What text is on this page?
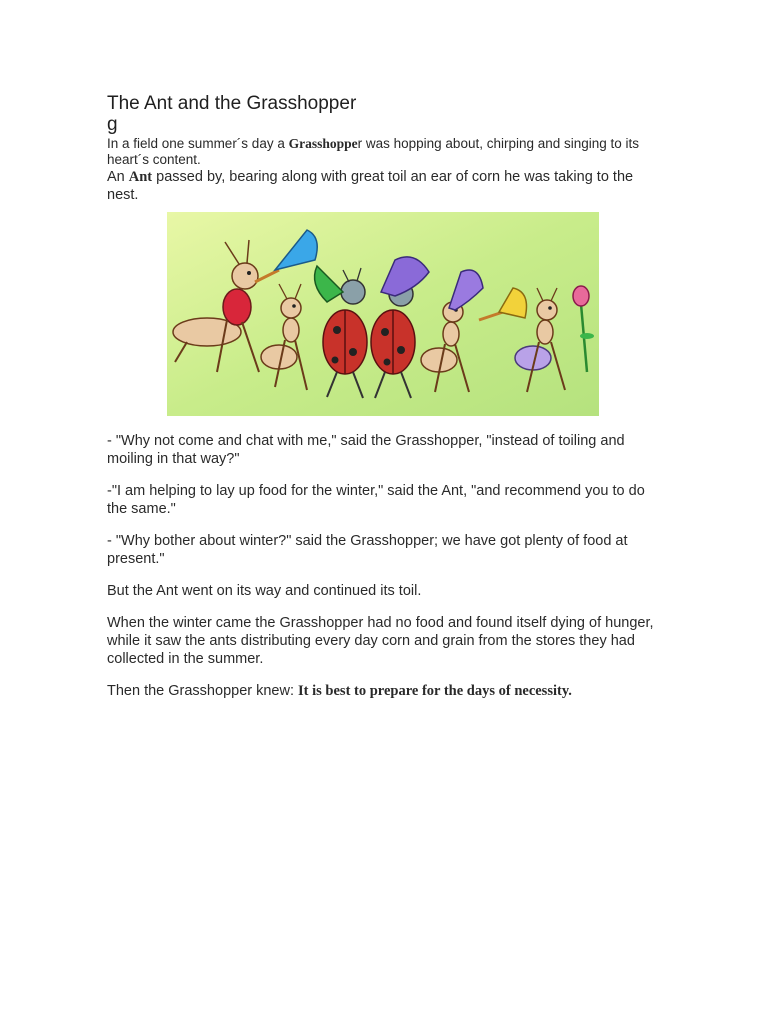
The Ant and the Grasshopper
g

In a field one summer´s day a Grasshopper was hopping about, chirping and singing to its heart´s content.

An Ant passed by, bearing along with great toil an ear of corn he was taking to the nest.

- "Why not come and chat with me," said the Grasshopper, "instead of toiling and moiling in that way?"

-"I am helping to lay up food for the winter," said the Ant, "and recommend you to do the same."

- "Why bother about winter?" said the Grasshopper; we have got plenty of food at present."

But the Ant went on its way and continued its toil.

When the winter came the Grasshopper had no food and found itself dying of hunger, while it saw the ants distributing every day corn and grain from the stores they had collected in the summer.

Then the Grasshopper knew: It is best to prepare for the days of necessity.
